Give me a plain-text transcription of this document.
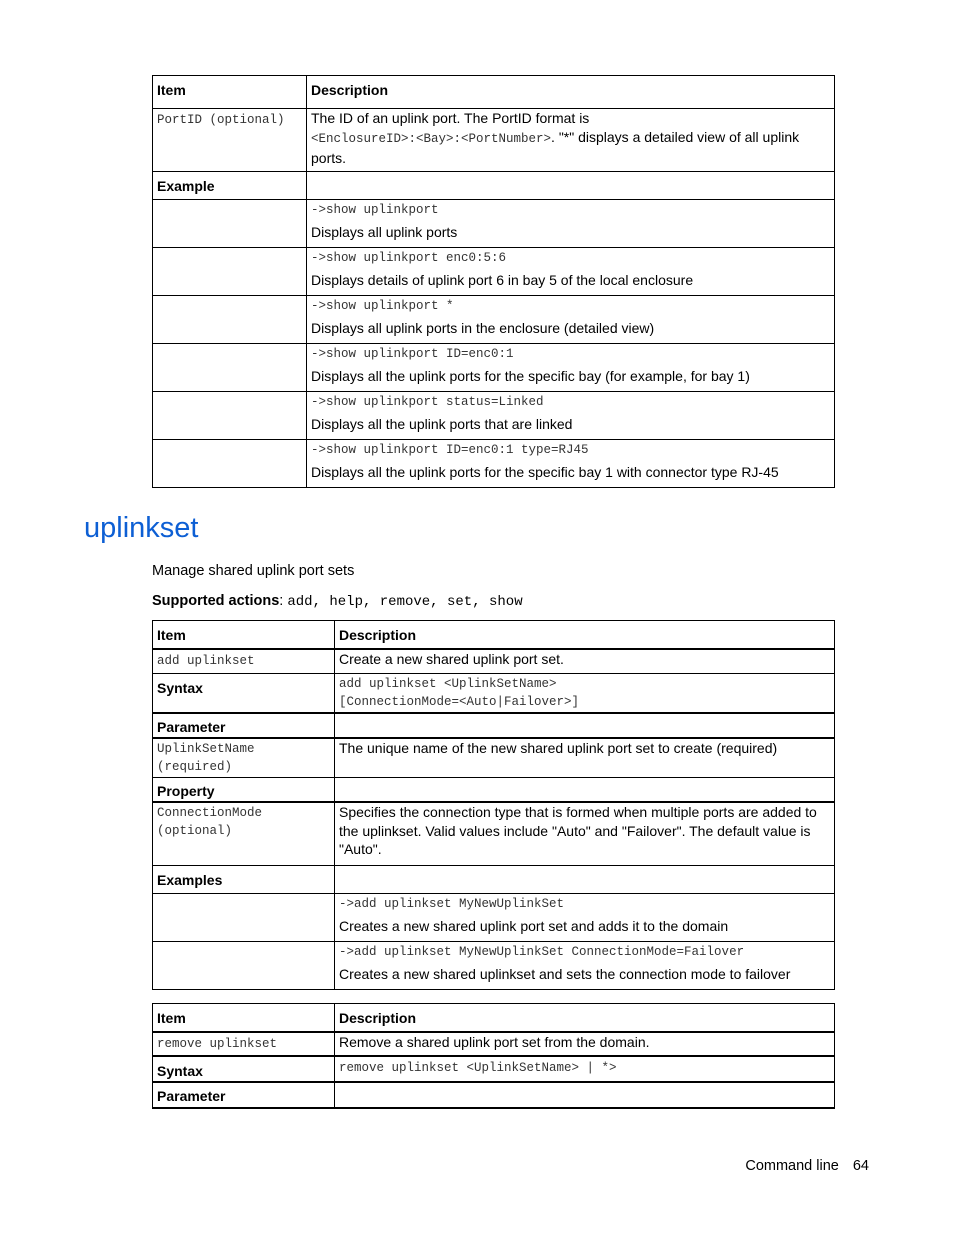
Item	Description
PortID (optional)	The ID of an uplink port. The PortID format is
<EnclosureID>:<Bay>:<PortNumber>. "*" displays a detailed view of all uplink ports.
Example	

	->show uplinkport
Displays all uplink ports

	->show uplinkport enc0:5:6
Displays details of uplink port 6 in bay 5 of the local enclosure

	->show uplinkport *
Displays all uplink ports in the enclosure (detailed view)

	->show uplinkport ID=enc0:1
Displays all the uplink ports for the specific bay (for example, for bay 1)

	->show uplinkport status=Linked
Displays all the uplink ports that are linked

	->show uplinkport ID=enc0:1 type=RJ45
Displays all the uplink ports for the specific bay 1 with connector type RJ-45
uplinkset

Manage shared uplink port sets

Supported actions: add, help, remove, set, show

Item	Description
add uplinkset	Create a new shared uplink port set.
Syntax	add uplinkset <UplinkSetName>
[ConnectionMode=<Auto|Failover>]
Parameter	
UplinkSetName
(required)	The unique name of the new shared uplink port set to create (required)
Property	
ConnectionMode
(optional)	Specifies the connection type that is formed when multiple ports are added to the uplinkset. Valid values include "Auto" and "Failover". The default value is "Auto".
Examples	

	->add uplinkset MyNewUplinkSet
Creates a new shared uplink port set and adds it to the domain

	->add uplinkset MyNewUplinkSet ConnectionMode=Failover
Creates a new shared uplinkset and sets the connection mode to failover
Item	Description
remove uplinkset	Remove a shared uplink port set from the domain.
Syntax	remove uplinkset <UplinkSetName> | *>
Parameter	
Command line 64
